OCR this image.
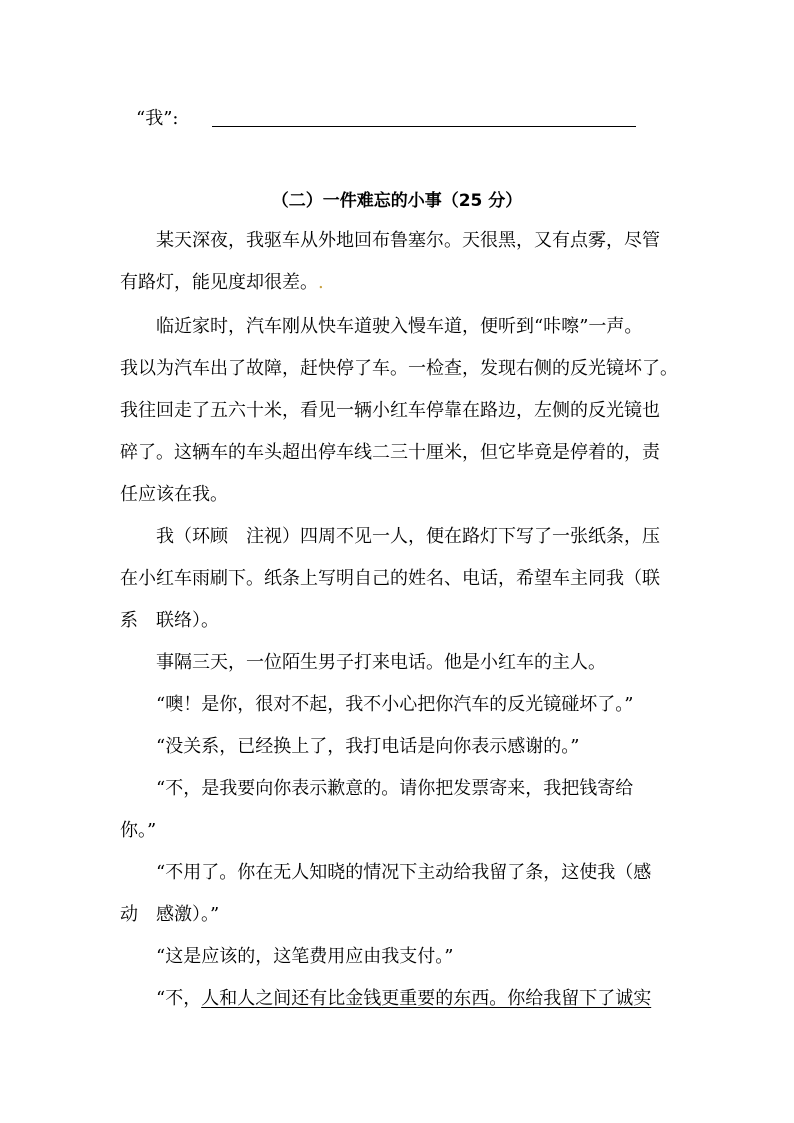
“我”:
（二）一件难忘的小事（25 分）
某天深夜，我驱车从外地回布鲁塞尔。天很黑，又有点雾，尽管
有路灯，能见度却很差。.
临近家时，汽车刚从快车道驶入慢车道，便听到“咔嚓”一声。
我以为汽车出了故障，赶快停了车。一检查，发现右侧的反光镜坏了。
我往回走了五六十米，看见一辆小红车停靠在路边，左侧的反光镜也
碎了。这辆车的车头超出停车线二三十厘米，但它毕竟是停着的，责
任应该在我。
我（环顾　注视）四周不见一人，便在路灯下写了一张纸条，压
在小红车雨刷下。纸条上写明自己的姓名、电话，希望车主同我（联
系　联络）。
事隔三天，一位陌生男子打来电话。他是小红车的主人。
“噢！是你，很对不起，我不小心把你汽车的反光镜碰坏了。”
“没关系，已经换上了，我打电话是向你表示感谢的。”
“不，是我要向你表示歉意的。请你把发票寄来，我把钱寄给
你。”
“不用了。你在无人知晓的情况下主动给我留了条，这使我（感
动　感激）。”
“这是应该的，这笔费用应由我支付。”
“不，人和人之间还有比金钱更重要的东西。你给我留下了诚实
